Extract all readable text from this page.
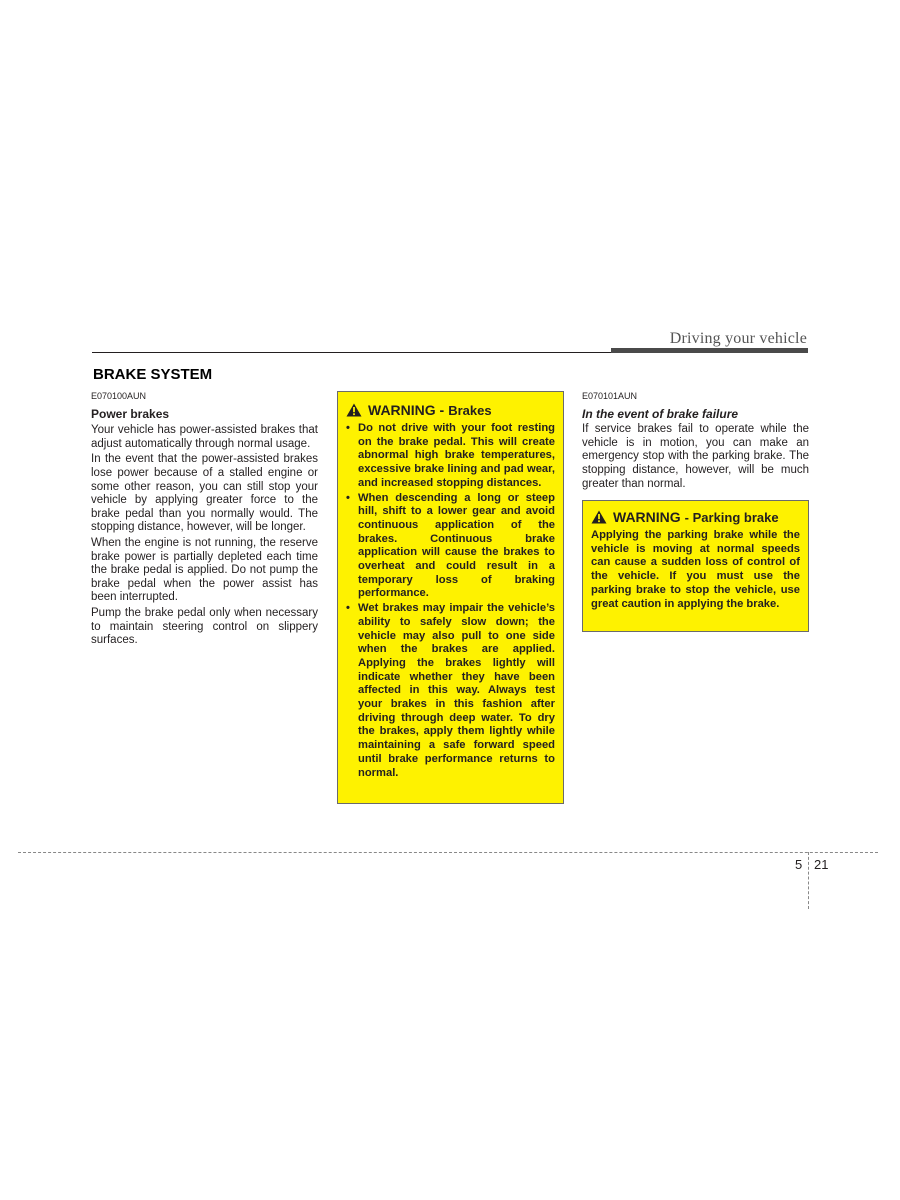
Driving your vehicle
BRAKE SYSTEM
E070100AUN
Power brakes

Your vehicle has power-assisted brakes that adjust automatically through normal usage.

In the event that the power-assisted brakes lose power because of a stalled engine or some other reason, you can still stop your vehicle by applying greater force to the brake pedal than you normally would. The stopping distance, however, will be longer.

When the engine is not running, the reserve brake power is partially depleted each time the brake pedal is applied. Do not pump the brake pedal when the power assist has been interrupted.

Pump the brake pedal only when necessary to maintain steering control on slippery surfaces.

WARNING - Brakes
• Do not drive with your foot resting on the brake pedal. This will create abnormal high brake temperatures, excessive brake lining and pad wear, and increased stopping distances.
• When descending a long or steep hill, shift to a lower gear and avoid continuous application of the brakes. Continuous brake application will cause the brakes to overheat and could result in a temporary loss of braking performance.
• Wet brakes may impair the vehicle’s ability to safely slow down; the vehicle may also pull to one side when the brakes are applied. Applying the brakes lightly will indicate whether they have been affected in this way. Always test your brakes in this fashion after driving through deep water. To dry the brakes, apply them lightly while maintaining a safe forward speed until brake performance returns to normal.
E070101AUN
In the event of brake failure

If service brakes fail to operate while the vehicle is in motion, you can make an emergency stop with the parking brake. The stopping distance, however, will be much greater than normal.

WARNING - Parking brake

Applying the parking brake while the vehicle is moving at normal speeds can cause a sudden loss of control of the vehicle. If you must use the parking brake to stop the vehicle, use great caution in applying the brake.

5 21
